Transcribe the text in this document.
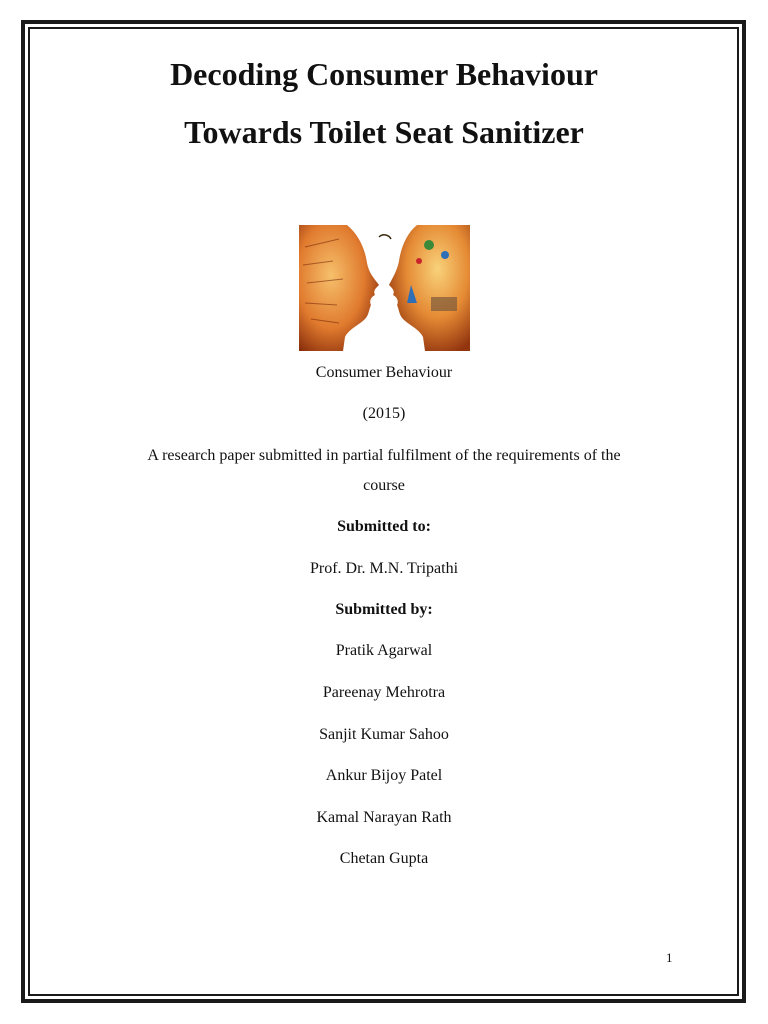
Decoding Consumer Behaviour
Towards Toilet Seat Sanitizer

Consumer Behaviour

(2015)

A research paper submitted in partial fulfilment of the requirements of the

course

Submitted to:

Prof. Dr. M.N. Tripathi

Submitted by:

Pratik Agarwal

Pareenay Mehrotra

Sanjit Kumar Sahoo

Ankur Bijoy Patel

Kamal Narayan Rath

Chetan Gupta

1
